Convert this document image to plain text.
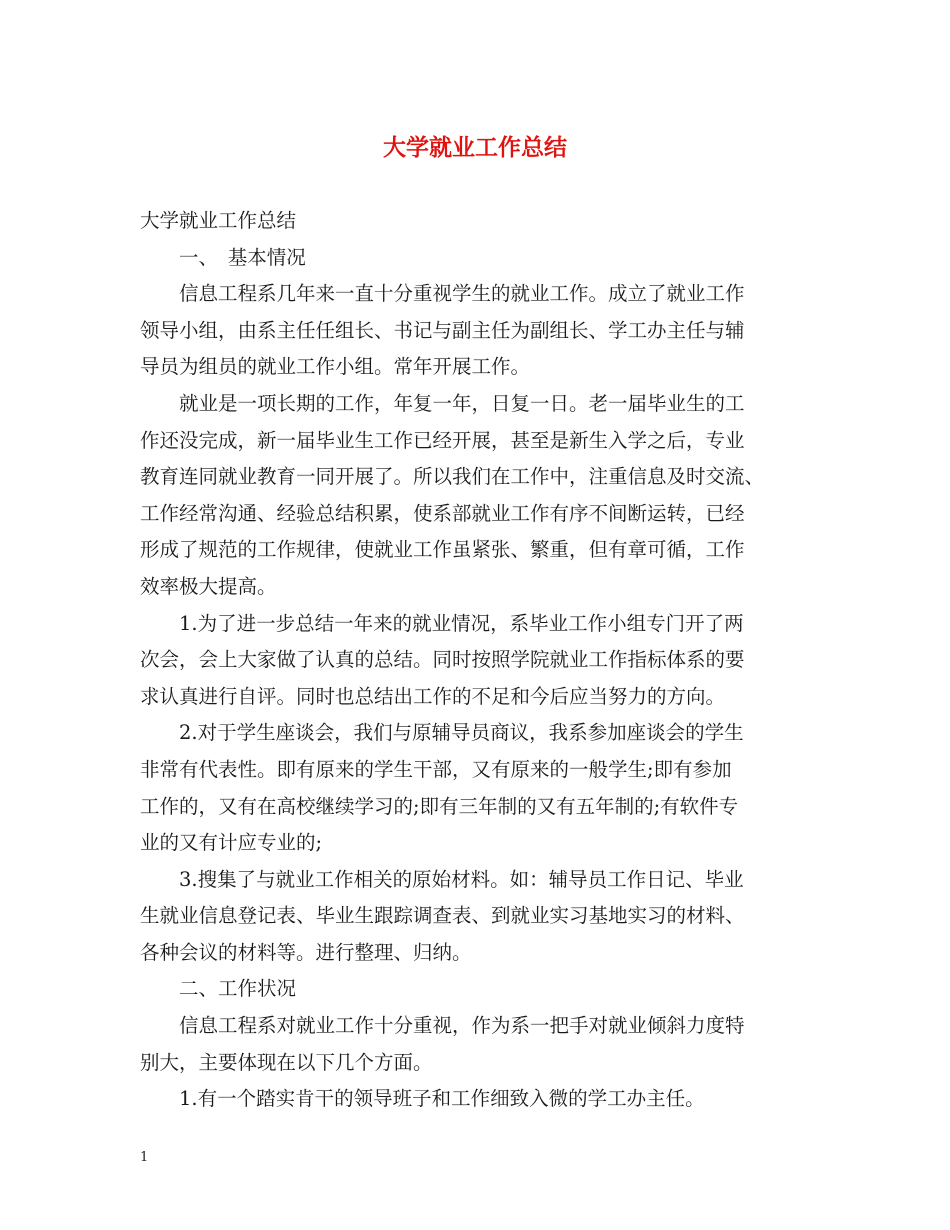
大学就业工作总结

大学就业工作总结

　　一、　基本情况

　　信息工程系几年来一直十分重视学生的就业工作。成立了就业工作

领导小组，由系主任任组长、书记与副主任为副组长、学工办主任与辅

导员为组员的就业工作小组。常年开展工作。

　　就业是一项长期的工作，年复一年，日复一日。老一届毕业生的工

作还没完成，新一届毕业生工作已经开展，甚至是新生入学之后，专业

教育连同就业教育一同开展了。所以我们在工作中，注重信息及时交流、

工作经常沟通、经验总结积累，使系部就业工作有序不间断运转，已经

形成了规范的工作规律，使就业工作虽紧张、繁重，但有章可循，工作

效率极大提高。

　　1.为了进一步总结一年来的就业情况，系毕业工作小组专门开了两

次会，会上大家做了认真的总结。同时按照学院就业工作指标体系的要

求认真进行自评。同时也总结出工作的不足和今后应当努力的方向。

　　2.对于学生座谈会，我们与原辅导员商议，我系参加座谈会的学生

非常有代表性。即有原来的学生干部，又有原来的一般学生;即有参加

工作的，又有在高校继续学习的;即有三年制的又有五年制的;有软件专

业的又有计应专业的;

　　3.搜集了与就业工作相关的原始材料。如：辅导员工作日记、毕业

生就业信息登记表、毕业生跟踪调查表、到就业实习基地实习的材料、

各种会议的材料等。进行整理、归纳。

　　二、工作状况

　　信息工程系对就业工作十分重视，作为系一把手对就业倾斜力度特

别大，主要体现在以下几个方面。

　　1.有一个踏实肯干的领导班子和工作细致入微的学工办主任。

1
